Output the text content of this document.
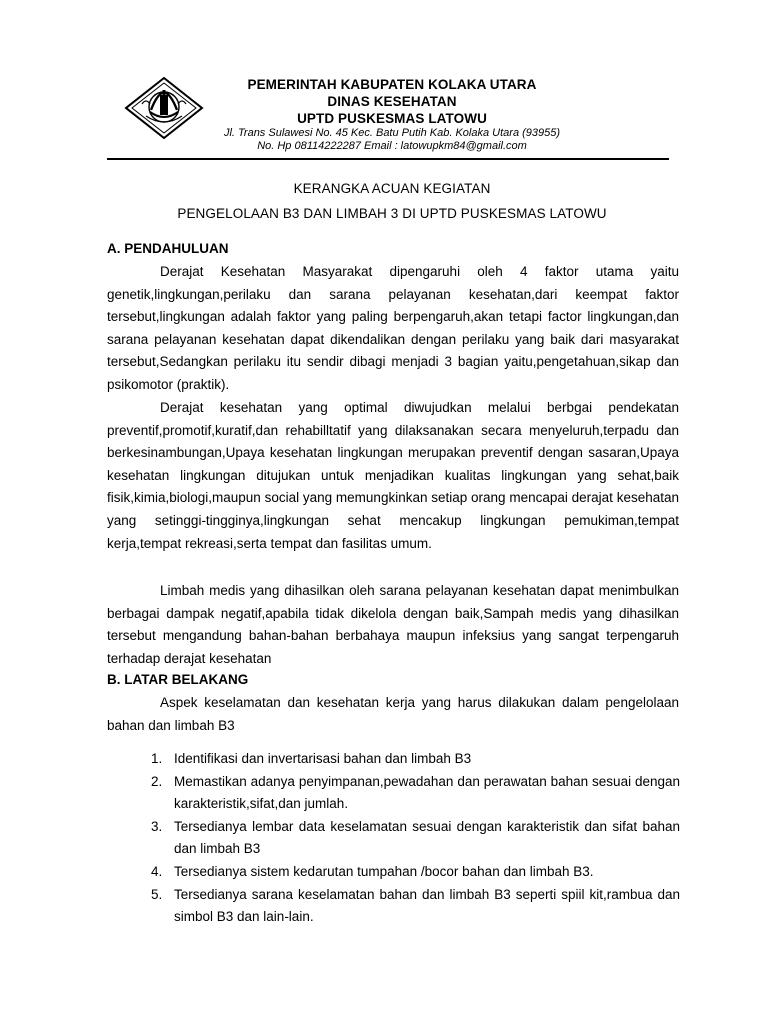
PEMERINTAH KABUPATEN KOLAKA UTARA
DINAS KESEHATAN
UPTD PUSKESMAS LATOWU
Jl. Trans Sulawesi No. 45 Kec. Batu Putih Kab. Kolaka Utara (93955)
No. Hp 08114222287 Email : latowupkm84@gmail.com
KERANGKA ACUAN KEGIATAN
PENGELOLAAN B3 DAN LIMBAH 3 DI UPTD PUSKESMAS LATOWU
A. PENDAHULUAN
Derajat Kesehatan Masyarakat dipengaruhi oleh 4 faktor utama yaitu genetik,lingkungan,perilaku dan sarana pelayanan kesehatan,dari keempat faktor tersebut,lingkungan adalah faktor yang paling berpengaruh,akan tetapi factor lingkungan,dan sarana pelayanan kesehatan dapat dikendalikan dengan perilaku yang baik dari masyarakat tersebut,Sedangkan perilaku itu sendir dibagi menjadi 3 bagian yaitu,pengetahuan,sikap dan psikomotor (praktik).
Derajat kesehatan yang optimal diwujudkan melalui berbgai pendekatan preventif,promotif,kuratif,dan rehabilltatif yang dilaksanakan secara menyeluruh,terpadu dan berkesinambungan,Upaya kesehatan lingkungan merupakan preventif dengan sasaran,Upaya kesehatan lingkungan ditujukan untuk menjadikan kualitas lingkungan yang sehat,baik fisik,kimia,biologi,maupun social yang memungkinkan setiap orang mencapai derajat kesehatan yang setinggi-tingginya,lingkungan sehat mencakup lingkungan pemukiman,tempat kerja,tempat rekreasi,serta tempat dan fasilitas umum.
Limbah medis yang dihasilkan oleh sarana pelayanan kesehatan dapat menimbulkan berbagai dampak negatif,apabila tidak dikelola dengan baik,Sampah medis yang dihasilkan tersebut mengandung bahan-bahan berbahaya maupun infeksius yang sangat terpengaruh terhadap derajat kesehatan
B. LATAR BELAKANG
Aspek keselamatan dan kesehatan kerja yang harus dilakukan dalam pengelolaan bahan dan limbah B3
1. Identifikasi dan invertarisasi bahan dan limbah B3
2. Memastikan adanya penyimpanan,pewadahan dan perawatan bahan sesuai dengan karakteristik,sifat,dan jumlah.
3. Tersedianya lembar data keselamatan sesuai dengan karakteristik dan sifat bahan dan limbah B3
4. Tersedianya sistem kedarutan tumpahan /bocor bahan dan limbah B3.
5. Tersedianya sarana keselamatan bahan dan limbah B3 seperti spiil kit,rambua dan simbol B3 dan lain-lain.
